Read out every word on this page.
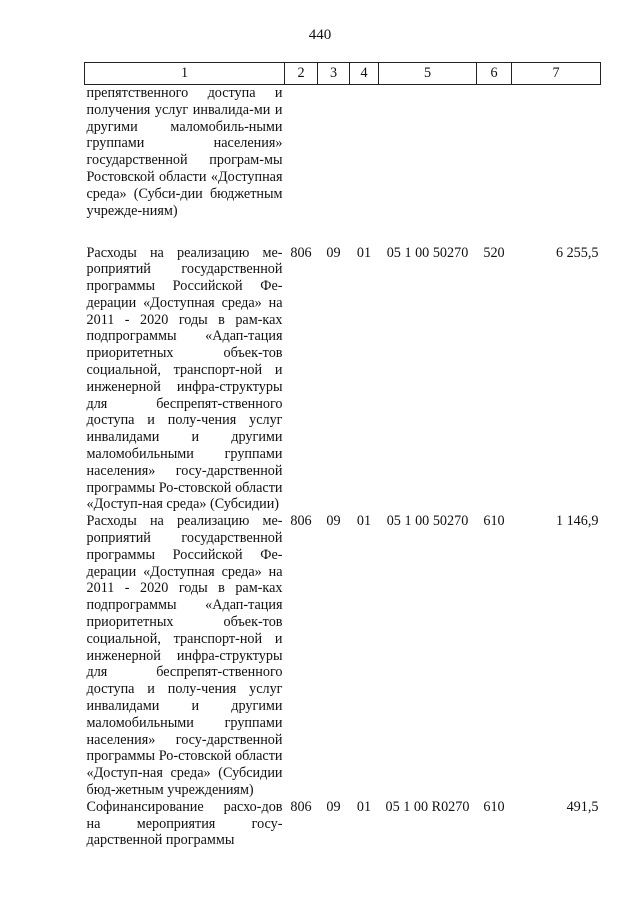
440
1	2	3	4	5	6	7
препятственного доступа и получения услуг инвалида-ми и другими маломобиль-ными группами населения» государственной програм-мы Ростовской области «Доступная среда» (Субси-дии бюджетным учрежде-ниям)						
Расходы на реализацию ме-роприятий государственной программы Российской Фе-дерации «Доступная среда» на 2011 - 2020 годы в рам-ках подпрограммы «Адап-тация приоритетных объек-тов социальной, транспорт-ной и инженерной инфра-структуры для беспрепят-ственного доступа и полу-чения услуг инвалидами и другими маломобильными группами населения» госу-дарственной программы Ро-стовской области «Доступ-ная среда» (Субсидии)	806	09	01	05 1 00 50270	520	6 255,5
Расходы на реализацию ме-роприятий государственной программы Российской Фе-дерации «Доступная среда» на 2011 - 2020 годы в рам-ках подпрограммы «Адап-тация приоритетных объек-тов социальной, транспорт-ной и инженерной инфра-структуры для беспрепят-ственного доступа и полу-чения услуг инвалидами и другими маломобильными группами населения» госу-дарственной программы Ро-стовской области «Доступ-ная среда» (Субсидии бюд-жетным учреждениям)	806	09	01	05 1 00 50270	610	1 146,9
Софинансирование расхо-дов на мероприятия госу-дарственной программы	806	09	01	05 1 00 R0270	610	491,5
